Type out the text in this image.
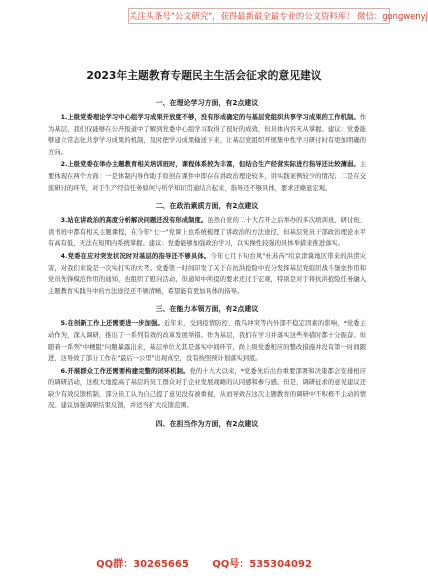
关注头条号"公文研究"，获得最新最全最专业的公文资料库！ 微信：gongwenyj
2023年主题教育专题民主生活会征求的意见建议
一、在理论学习方面，有2点建议

1.上级党委理论学习中心组学习成果开放度不够，没有形成确定的与基层党组织共享学习成果的工作机制。作为基层，我们仅能够在公开报道中了解到党委中心组学习取得了很好的成效，但具体内容无从掌握。建议：党委能够建立常态化共享学习成果的机制，及时把学习成果输送下来，让基层党组织开展集中性学习研讨时有更加明确的方向。

2.上级党委在举办主题教育相关培训班时，课程体系较为丰富，但结合生产经营实际进行指导还比较薄弱。主要体现在两个方面：一是体制内导作助手原创在课件中即存在讲政治理论较多，讲实践案例较少的情况；二是在交流研讨的环节，对于生产经营任务如何与所学知识贯通结合起来，指导还不够具体，要求还略显宏观。

二、在政治素质方面，有2点建议

3.站在讲政治的高度分析解决问题还没有形成制度。虽然自党的二十大召开之后举办的多次培训班、研讨班、读书班中都有相关主题课程，在今年"七一"党课上也系统梳理了讲政治的方法途径，但基层党员干部政治理论水平有高有低，无法在短期内系统掌握。建议：党委能够加强政治学习，以实操性较强的具体举措来推进落实。

4.党委在应对突发状况时对基层的指导还不够具体。今年七月下旬台风"杜苏芮"给京津冀地区带来的洪涝灾害，对我们来说是一次实打实的大考。党委第一时间印发了关于在抗洪抢险中充分发挥基层党组织战斗堡垒作用和党员先锋模范作用的通知，也组织了慰问活动，但通知中所提的要求还过于宏观，特别是对于将抗洪抢险任务融入主题教育实践当中的方法途径还不够清晰，希望能有更加具体的指导。

三、在能力本领方面，有2点建议

5.在创新工作上还需要进一步加强。近年来，受到疫情防控、俄乌冲突等内外部不稳定因素的影响，*党委主动作为，深入调研，推出了一系列有效的改革发展举措。作为基层，我们在学习并落实这些举措时都十分振奋。但随着一系列"中梗阻"问题暴露出来，基层单位尤其是落实中间环节，尚上级党委相应的整改措施并没有第一时间跟进，这导致了部分工作在"最后一公里"出现真空，没有按照预计划落实到底。

6.开展群众工作还需要构建完整的闭环机制。党的十九大以来，*党委先后出台重要部署和决策都会安排相应的调研活动，这极大地提高了基层的员工群众对于企业发展战略的认同感和参与感。但是，调研征求的意见建议还缺少有效反馈机制，部分员工认为自己提了意见没有被重视，从而导致在这次主题教育的调研中不积极不主动的情况。建议加强调研结果反馈，并适当扩大反馈范围。

四、在担当作为方面，有2点建议
QQ群：30265665 QQ号：535304092
